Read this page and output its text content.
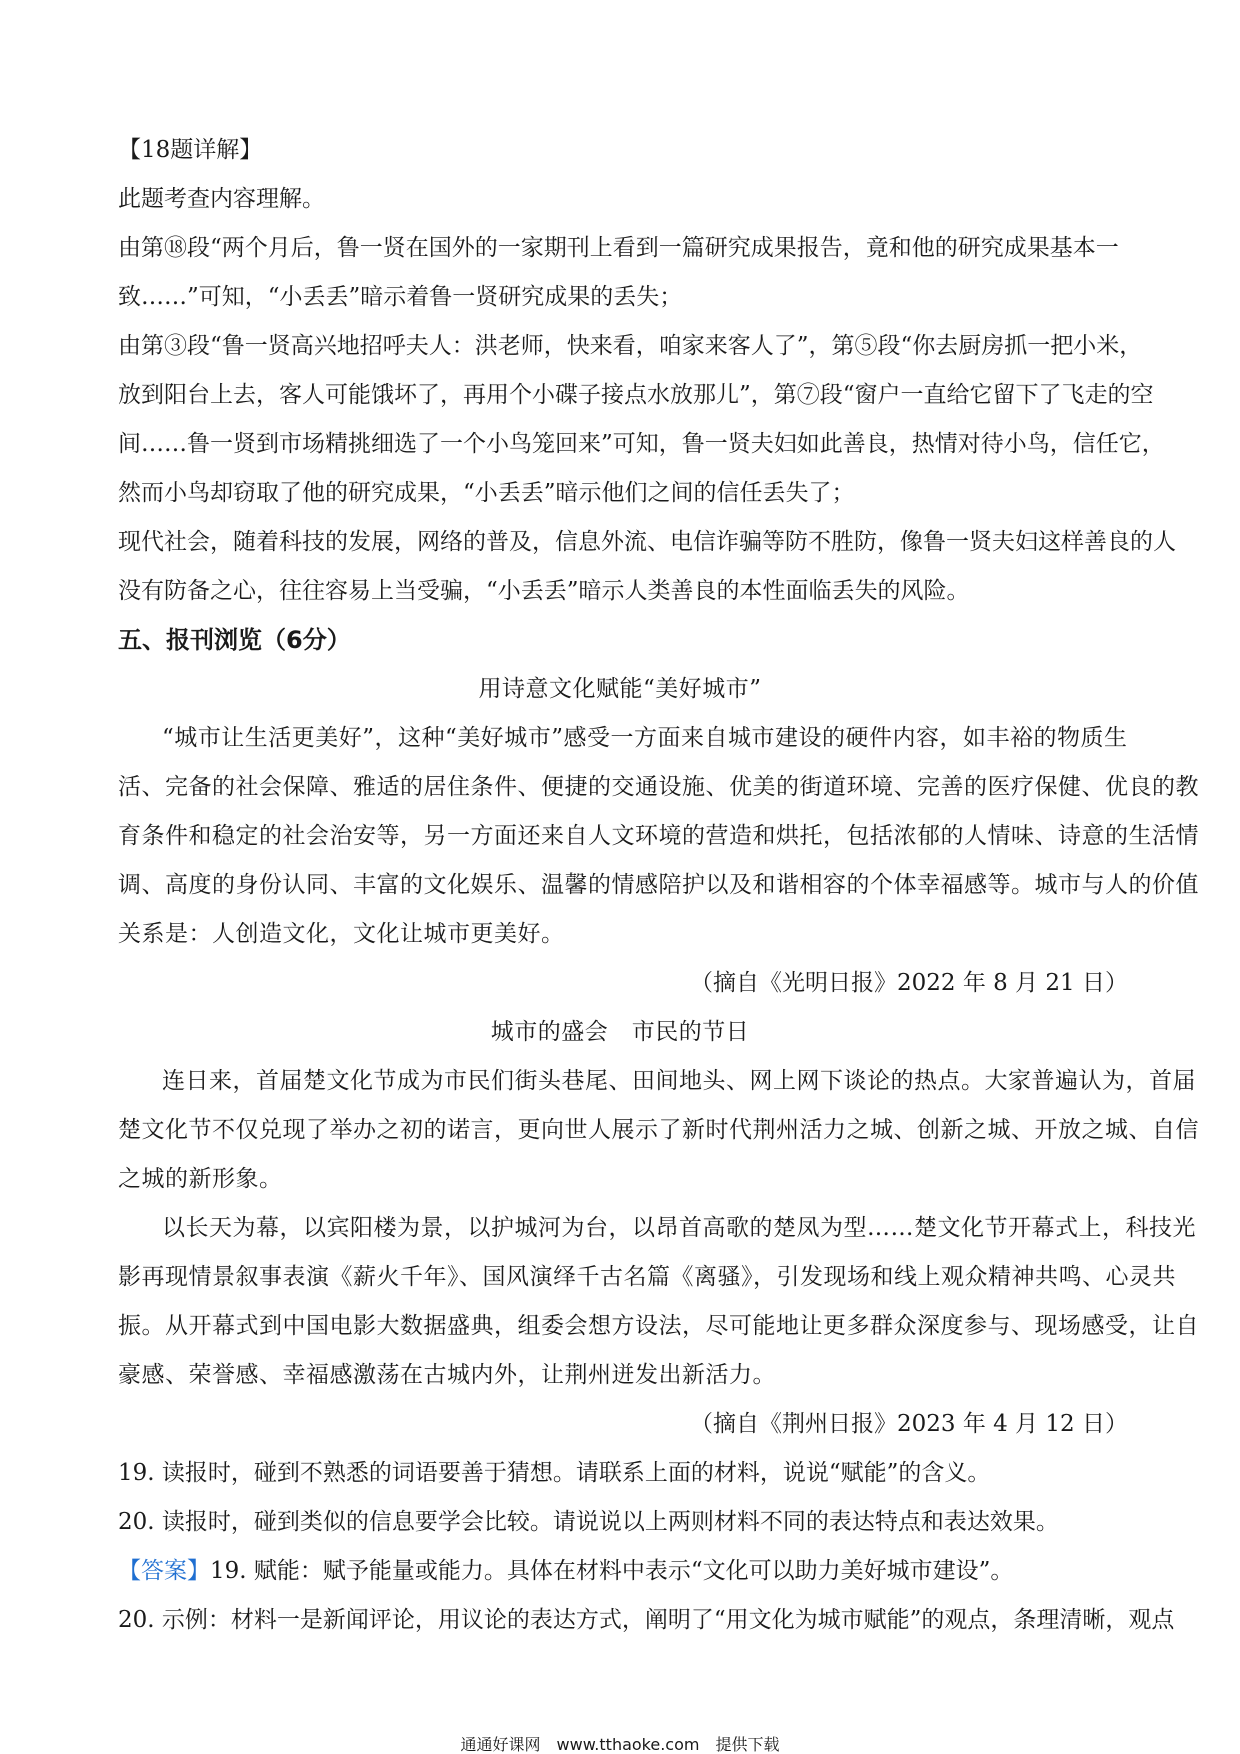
【18题详解】
此题考查内容理解。
由第⑱段“两个月后，鲁一贤在国外的一家期刊上看到一篇研究成果报告，竟和他的研究成果基本一
致……”可知，“小丢丢”暗示着鲁一贤研究成果的丢失；
由第③段“鲁一贤高兴地招呼夫人：洪老师，快来看，咱家来客人了”，第⑤段“你去厨房抓一把小米，
放到阳台上去，客人可能饿坏了，再用个小碟子接点水放那儿”，第⑦段“窗户一直给它留下了飞走的空
间……鲁一贤到市场精挑细选了一个小鸟笼回来”可知，鲁一贤夫妇如此善良，热情对待小鸟，信任它，
然而小鸟却窃取了他的研究成果，“小丢丢”暗示他们之间的信任丢失了；
现代社会，随着科技的发展，网络的普及，信息外流、电信诈骗等防不胜防，像鲁一贤夫妇这样善良的人
没有防备之心，往往容易上当受骗，“小丢丢”暗示人类善良的本性面临丢失的风险。
五、报刊浏览（6分）
用诗意文化赋能“美好城市”
“城市让生活更美好”，这种“美好城市”感受一方面来自城市建设的硬件内容，如丰裕的物质生
活、完备的社会保障、雅适的居住条件、便捷的交通设施、优美的街道环境、完善的医疗保健、优良的教
育条件和稳定的社会治安等，另一方面还来自人文环境的营造和烘托，包括浓郁的人情味、诗意的生活情
调、高度的身份认同、丰富的文化娱乐、温馨的情感陪护以及和谐相容的个体幸福感等。城市与人的价值
关系是：人创造文化，文化让城市更美好。
（摘自《光明日报》2022 年 8 月 21 日）
城市的盛会　市民的节日
连日来，首届楚文化节成为市民们街头巷尾、田间地头、网上网下谈论的热点。大家普遍认为，首届
楚文化节不仅兑现了举办之初的诺言，更向世人展示了新时代荆州活力之城、创新之城、开放之城、自信
之城的新形象。
以长天为幕，以宾阳楼为景，以护城河为台，以昂首高歌的楚凤为型……楚文化节开幕式上，科技光
影再现情景叙事表演《薪火千年》、国风演绎千古名篇《离骚》，引发现场和线上观众精神共鸣、心灵共
振。从开幕式到中国电影大数据盛典，组委会想方设法，尽可能地让更多群众深度参与、现场感受，让自
豪感、荣誉感、幸福感激荡在古城内外，让荆州迸发出新活力。
（摘自《荆州日报》2023 年 4 月 12 日）
19. 读报时，碰到不熟悉的词语要善于猜想。请联系上面的材料，说说“赋能”的含义。
20. 读报时，碰到类似的信息要学会比较。请说说以上两则材料不同的表达特点和表达效果。
【答案】19. 赋能：赋予能量或能力。具体在材料中表示“文化可以助力美好城市建设”。
20. 示例：材料一是新闻评论，用议论的表达方式，阐明了“用文化为城市赋能”的观点，条理清晰，观点
通通好课网　www.tthaoke.com　提供下载
